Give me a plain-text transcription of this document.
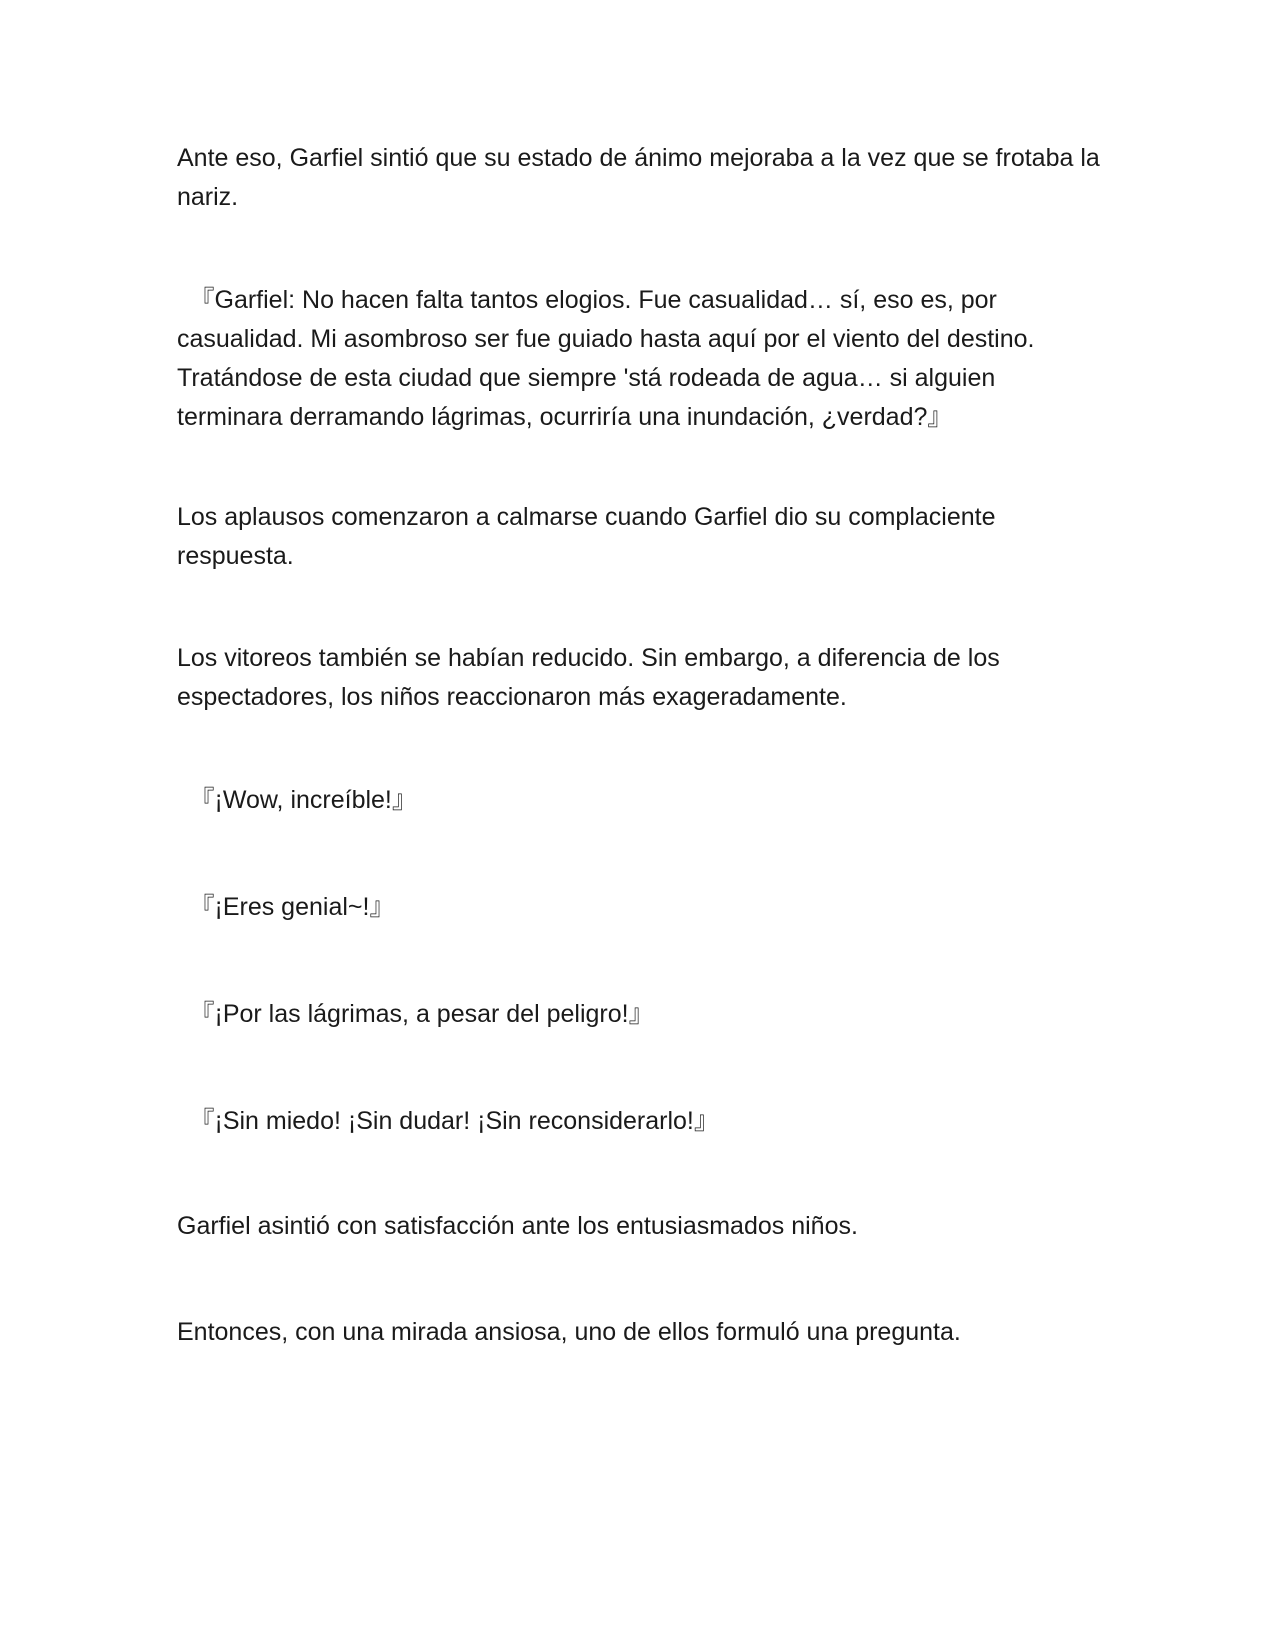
Ante eso, Garfiel sintió que su estado de ánimo mejoraba a la vez que se frotaba la nariz.

　『Garfiel: No hacen falta tantos elogios. Fue casualidad… sí, eso es, por casualidad. Mi asombroso ser fue guiado hasta aquí por el viento del destino. Tratándose de esta ciudad que siempre 'stá rodeada de agua… si alguien terminara derramando lágrimas, ocurriría una inundación, ¿verdad?』

Los aplausos comenzaron a calmarse cuando Garfiel dio su complaciente respuesta.

Los vitoreos también se habían reducido. Sin embargo, a diferencia de los espectadores, los niños reaccionaron más exageradamente.

　『¡Wow, increíble!』

　『¡Eres genial~!』

　『¡Por las lágrimas, a pesar del peligro!』

　『¡Sin miedo! ¡Sin dudar! ¡Sin reconsiderarlo!』

Garfiel asintió con satisfacción ante los entusiasmados niños.

Entonces, con una mirada ansiosa, uno de ellos formuló una pregunta.
